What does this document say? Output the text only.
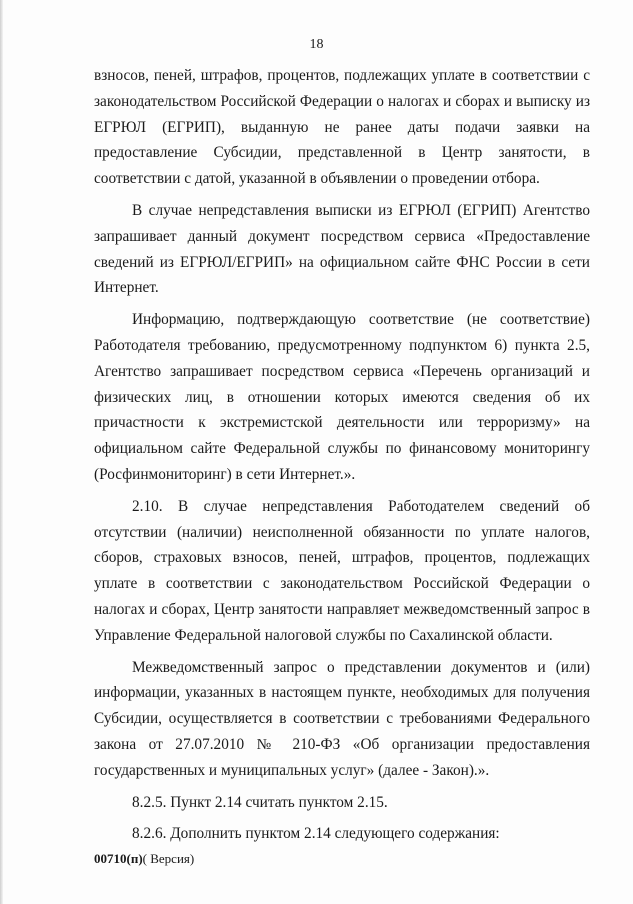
18

взносов, пеней, штрафов, процентов, подлежащих уплате в соответствии с законодательством Российской Федерации о налогах и сборах и выписку из ЕГРЮЛ (ЕГРИП), выданную не ранее даты подачи заявки на предоставление Субсидии, представленной в Центр занятости, в соответствии с датой, указанной в объявлении о проведении отбора.

В случае непредставления выписки из ЕГРЮЛ (ЕГРИП) Агентство запрашивает данный документ посредством сервиса «Предоставление сведений из ЕГРЮЛ/ЕГРИП» на официальном сайте ФНС России в сети Интернет.

Информацию, подтверждающую соответствие (не соответствие) Работодателя требованию, предусмотренному подпунктом 6) пункта 2.5, Агентство запрашивает посредством сервиса «Перечень организаций и физических лиц, в отношении которых имеются сведения об их причастности к экстремистской деятельности или терроризму» на официальном сайте Федеральной службы по финансовому мониторингу (Росфинмониторинг) в сети Интернет.».

2.10. В случае непредставления Работодателем сведений об отсутствии (наличии) неисполненной обязанности по уплате налогов, сборов, страховых взносов, пеней, штрафов, процентов, подлежащих уплате в соответствии с законодательством Российской Федерации о налогах и сборах, Центр занятости направляет межведомственный запрос в Управление Федеральной налоговой службы по Сахалинской области.

Межведомственный запрос о представлении документов и (или) информации, указанных в настоящем пункте, необходимых для получения Субсидии, осуществляется в соответствии с требованиями Федерального закона от 27.07.2010 № 210-ФЗ «Об организации предоставления государственных и муниципальных услуг» (далее - Закон).».

8.2.5. Пункт 2.14 считать пунктом 2.15.

8.2.6. Дополнить пунктом 2.14 следующего содержания:

00710(п)( Версия)
